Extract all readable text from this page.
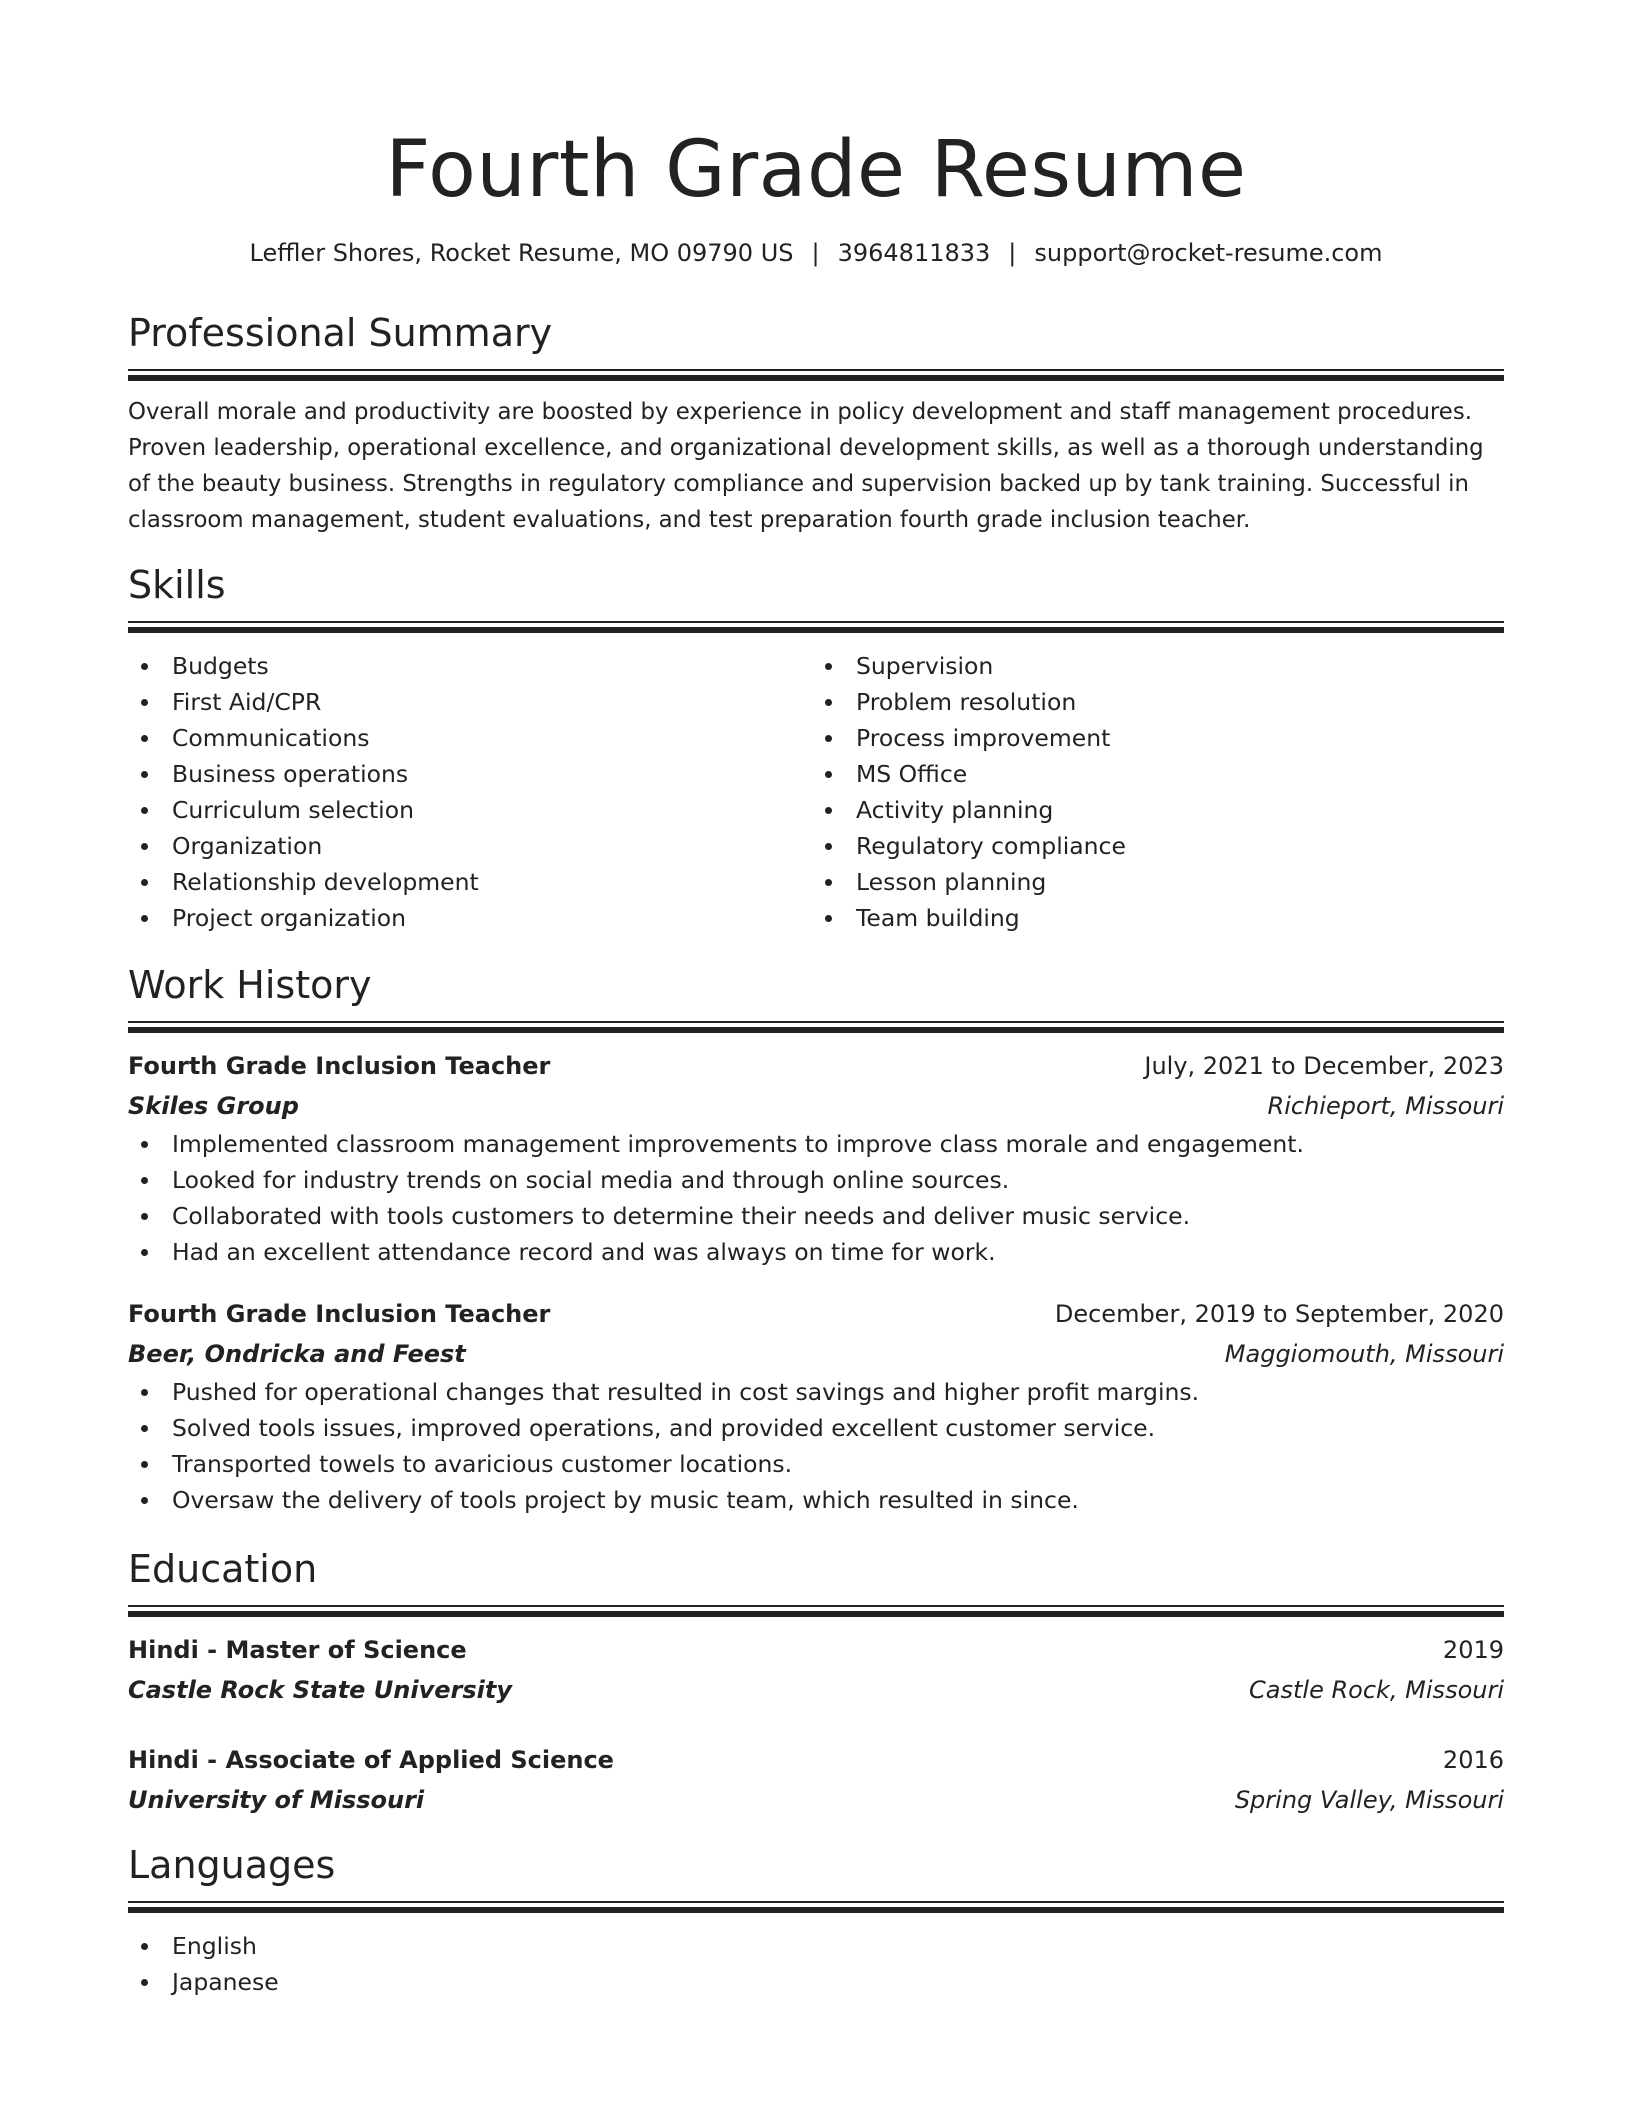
Fourth Grade Resume
Leffler Shores, Rocket Resume, MO 09790 US | 3964811833 | support@rocket-resume.com
Professional Summary

Overall morale and productivity are boosted by experience in policy development and staff management procedures. Proven leadership, operational excellence, and organizational development skills, as well as a thorough understanding of the beauty business. Strengths in regulatory compliance and supervision backed up by tank training. Successful in classroom management, student evaluations, and test preparation fourth grade inclusion teacher.

Skills
Budgets
First Aid/CPR
Communications
Business operations
Curriculum selection
Organization
Relationship development
Project organization
Supervision
Problem resolution
Process improvement
MS Office
Activity planning
Regulatory compliance
Lesson planning
Team building
Work History
Fourth Grade Inclusion Teacher	July, 2021 to December, 2023
Skiles Group	Richieport, Missouri
Implemented classroom management improvements to improve class morale and engagement.
Looked for industry trends on social media and through online sources.
Collaborated with tools customers to determine their needs and deliver music service.
Had an excellent attendance record and was always on time for work.
Fourth Grade Inclusion Teacher	December, 2019 to September, 2020
Beer, Ondricka and Feest	Maggiomouth, Missouri
Pushed for operational changes that resulted in cost savings and higher profit margins.
Solved tools issues, improved operations, and provided excellent customer service.
Transported towels to avaricious customer locations.
Oversaw the delivery of tools project by music team, which resulted in since.
Education
Hindi - Master of Science	2019
Castle Rock State University	Castle Rock, Missouri
Hindi - Associate of Applied Science	2016
University of Missouri	Spring Valley, Missouri
Languages
English
Japanese
